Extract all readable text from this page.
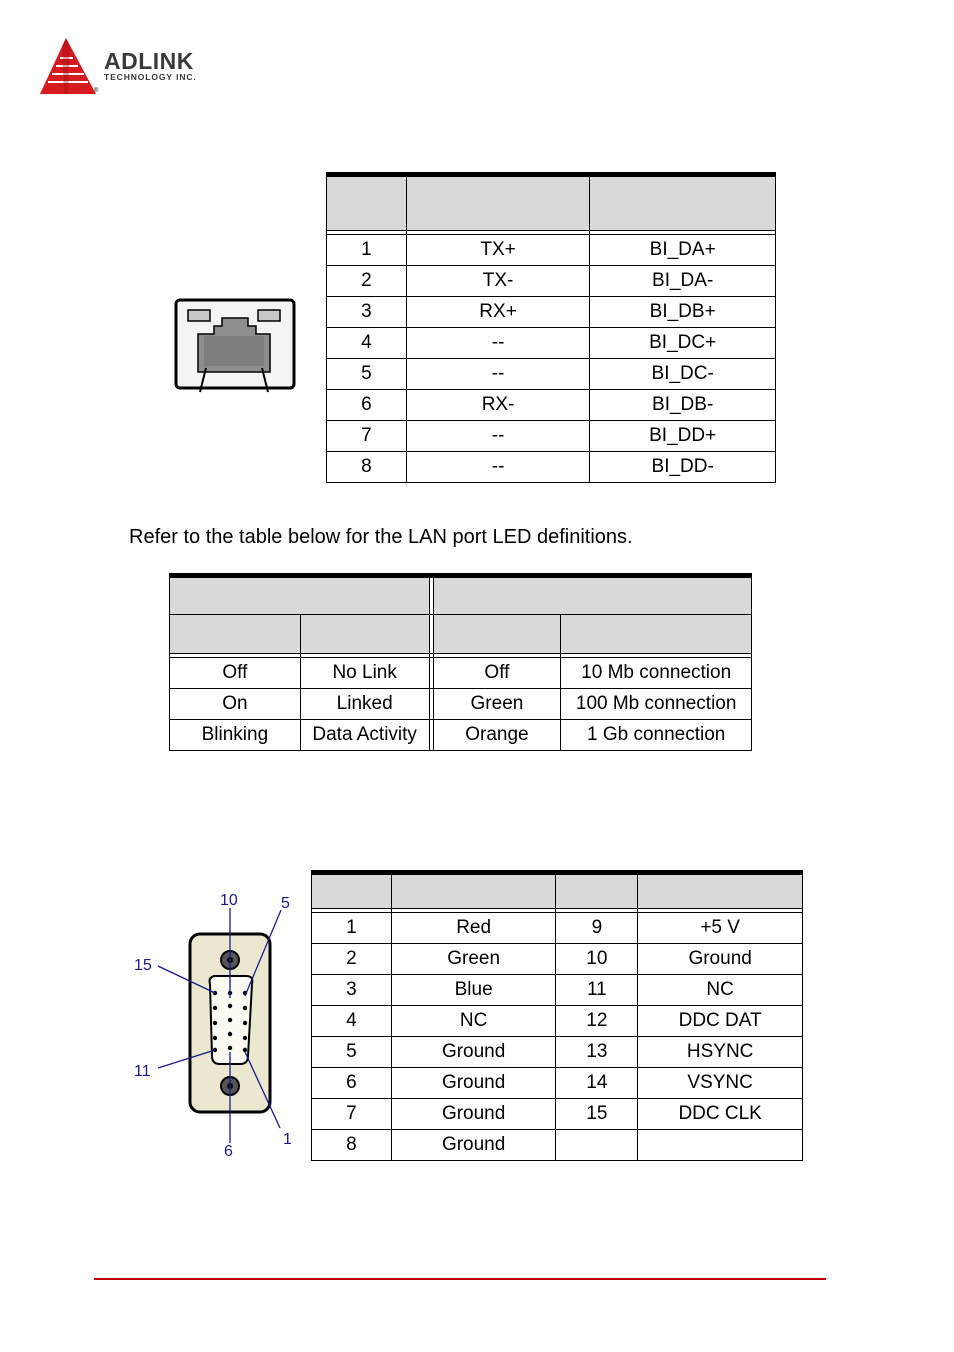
ADLINK
TECHNOLOGY INC.
®

1	TX+	BI_DA+
2	TX-	BI_DA-
3	RX+	BI_DB+
4	--	BI_DC+
5	--	BI_DC-
6	RX-	BI_DB-
7	--	BI_DD+
8	--	BI_DD-
Refer to the table below for the LAN port LED definitions.

Off	No Link		Off	10 Mb connection
On	Linked		Green	100 Mb connection
Blinking	Data Activity		Orange	1 Gb connection
10	5
15
11
6
1

1	Red	9	+5 V
2	Green	10	Ground
3	Blue	11	NC
4	NC	12	DDC DAT
5	Ground	13	HSYNC
6	Ground	14	VSYNC
7	Ground	15	DDC CLK
8	Ground		
